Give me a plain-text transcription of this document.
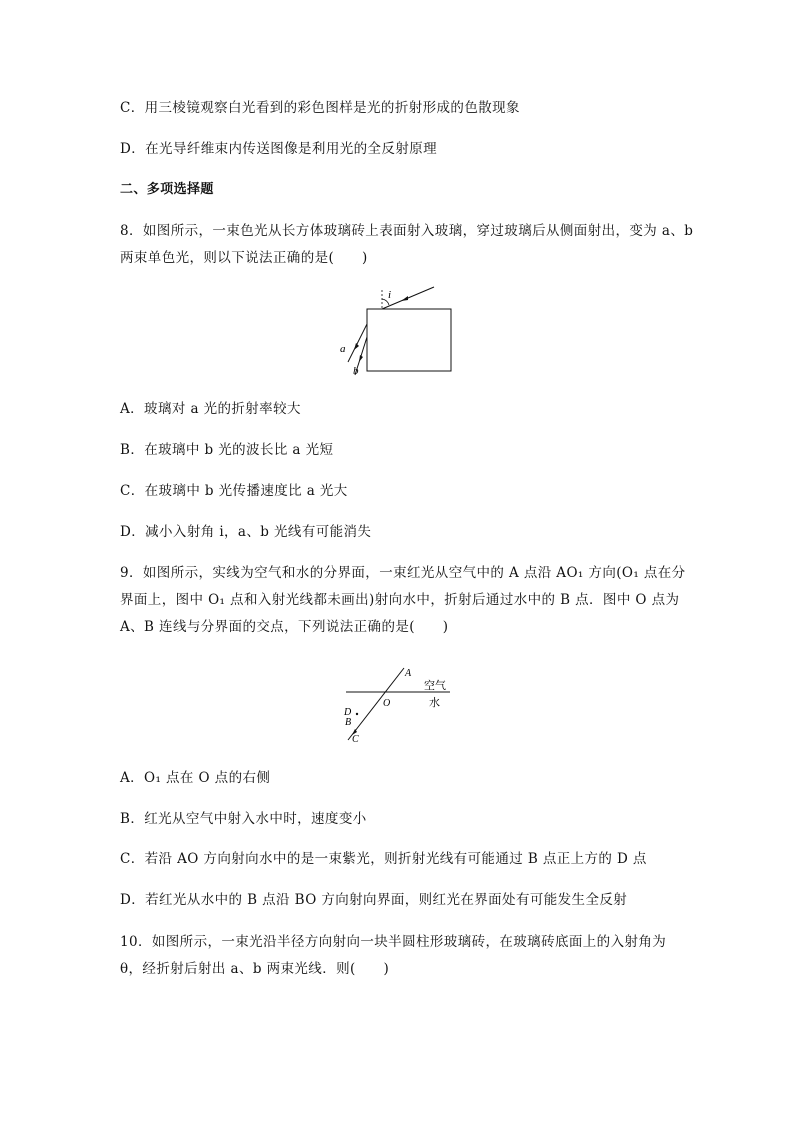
C．用三棱镜观察白光看到的彩色图样是光的折射形成的色散现象
D．在光导纤维束内传送图像是利用光的全反射原理
二、多项选择题
8．如图所示，一束色光从长方体玻璃砖上表面射入玻璃，穿过玻璃后从侧面射出，变为 a、b
两束单色光，则以下说法正确的是(　　)
i
a
b
A．玻璃对 a 光的折射率较大
B．在玻璃中 b 光的波长比 a 光短
C．在玻璃中 b 光传播速度比 a 光大
D．减小入射角 i，a、b 光线有可能消失
9．如图所示，实线为空气和水的分界面，一束红光从空气中的 A 点沿 AO₁ 方向(O₁ 点在分
界面上，图中 O₁ 点和入射光线都未画出)射向水中，折射后通过水中的 B 点．图中 O 点为
A、B 连线与分界面的交点，下列说法正确的是(　　)
A
O
空气
水
D
B
C
A．O₁ 点在 O 点的右侧
B．红光从空气中射入水中时，速度变小
C．若沿 AO 方向射向水中的是一束紫光，则折射光线有可能通过 B 点正上方的 D 点
D．若红光从水中的 B 点沿 BO 方向射向界面，则红光在界面处有可能发生全反射
10．如图所示，一束光沿半径方向射向一块半圆柱形玻璃砖，在玻璃砖底面上的入射角为
θ，经折射后射出 a、b 两束光线．则(　　)
